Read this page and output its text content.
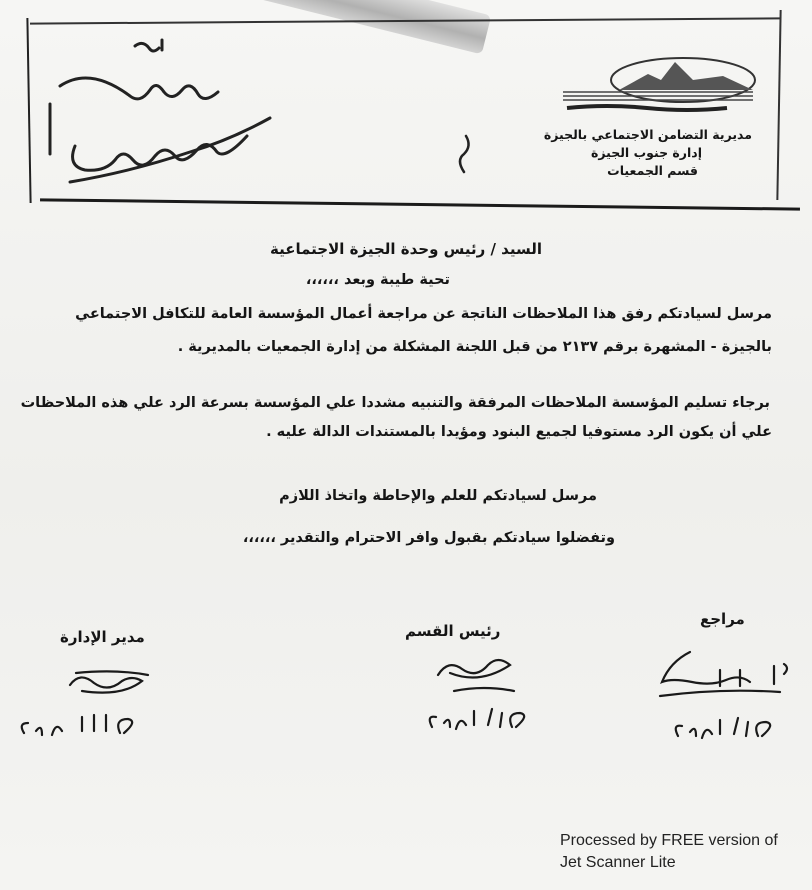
مديرية التضامن الاجتماعي بالجيزة
إدارة جنوب الجيزة
قسم الجمعيات
السيد / رئيس وحدة الجيزة الاجتماعية
تحية طيبة وبعد ،،،،،،
مرسل لسيادتكم رفق هذا الملاحظات الناتجة عن مراجعة أعمال المؤسسة العامة للتكافل الاجتماعي
بالجيزة - المشهرة برقم ٢١٣٧ من قبل اللجنة المشكلة من إدارة الجمعيات بالمديرية .
برجاء تسليم المؤسسة الملاحظات المرفقة والتنبيه مشددا علي المؤسسة بسرعة الرد علي هذه الملاحظات
علي أن يكون الرد مستوفيا لجميع البنود ومؤيدا بالمستندات الدالة عليه .
مرسل لسيادتكم للعلم والإحاطة واتخاذ اللازم
وتفضلوا سيادتكم بقبول وافر الاحترام والتقدير ،،،،،،
مراجع
رئيس القسم
مدير الإدارة
Processed by FREE version of
Jet Scanner Lite
